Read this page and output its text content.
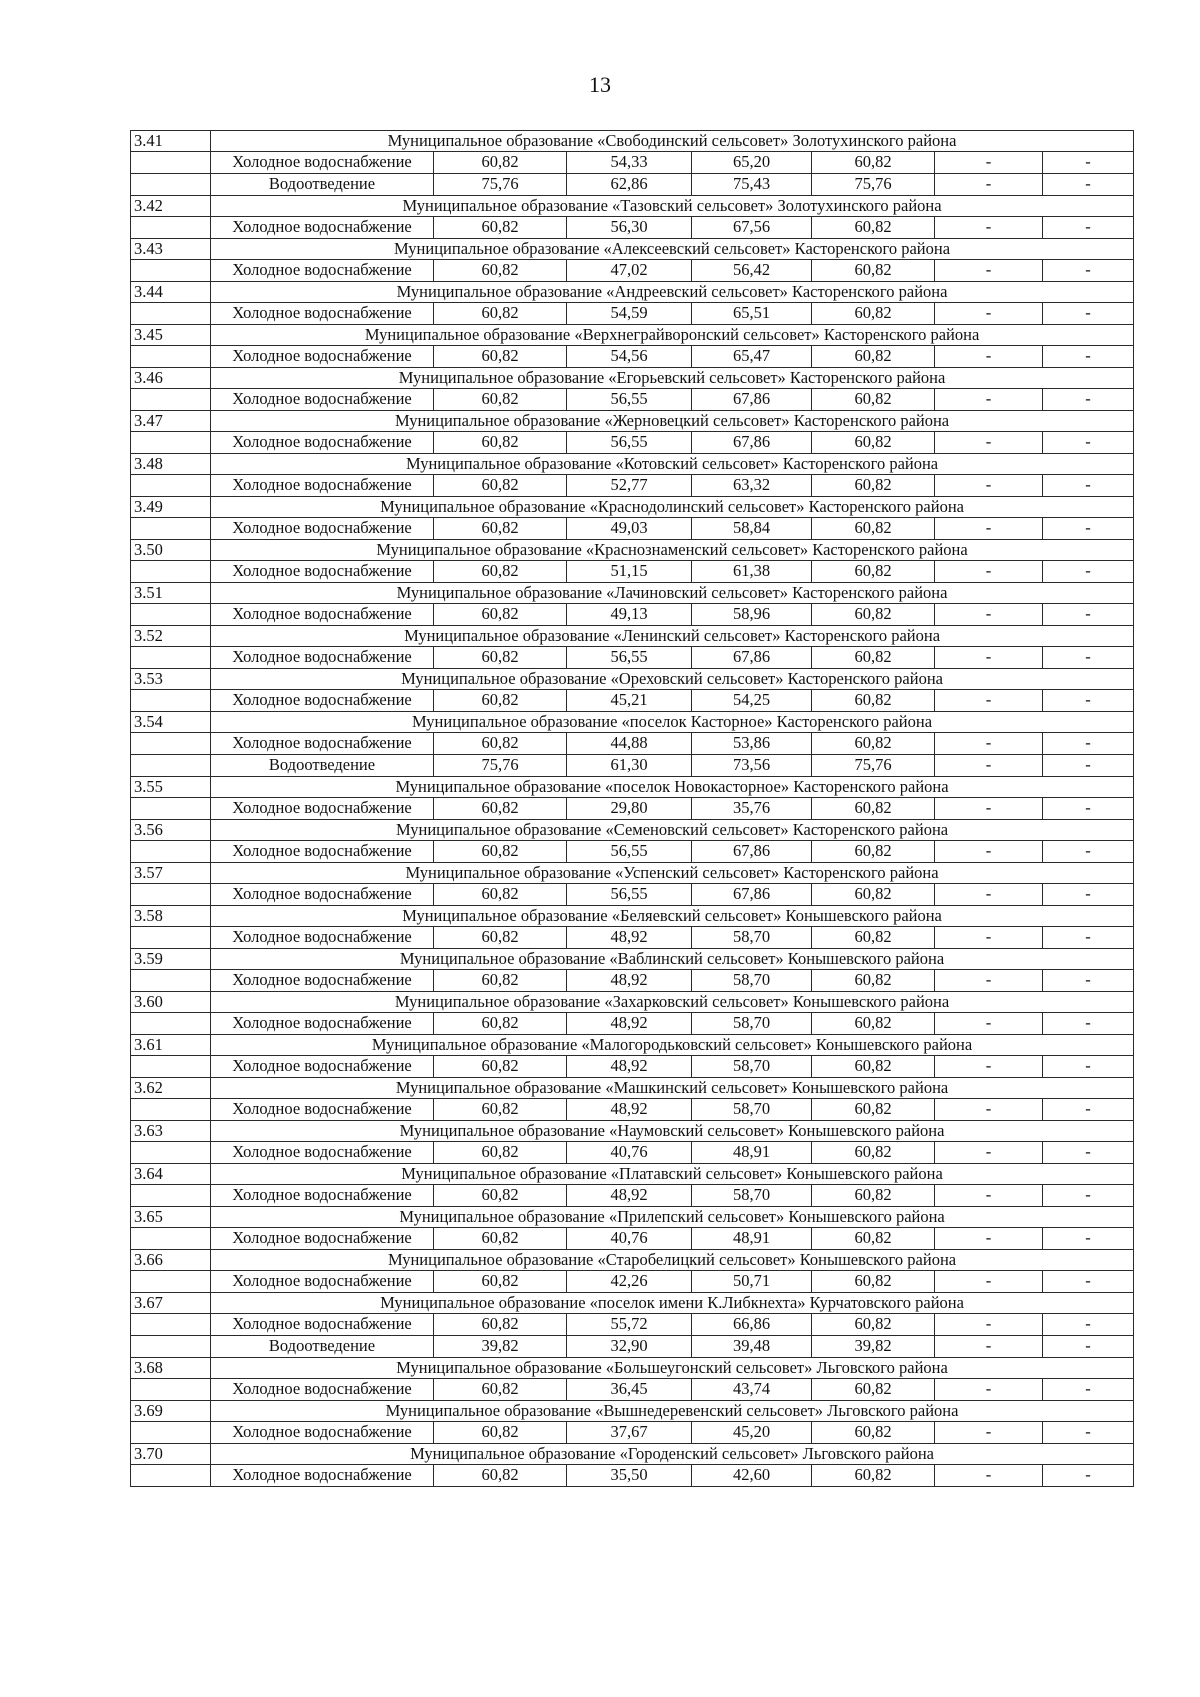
13
3.41	Муниципальное образование «Свободинский сельсовет» Золотухинского района						
	Холодное водоснабжение	60,82	54,33	65,20	60,82	-	-
	Водоотведение	75,76	62,86	75,43	75,76	-	-
3.42	Муниципальное образование «Тазовский сельсовет» Золотухинского района						
	Холодное водоснабжение	60,82	56,30	67,56	60,82	-	-
3.43	Муниципальное образование «Алексеевский сельсовет» Касторенского района						
	Холодное водоснабжение	60,82	47,02	56,42	60,82	-	-
3.44	Муниципальное образование «Андреевский сельсовет» Касторенского района						
	Холодное водоснабжение	60,82	54,59	65,51	60,82	-	-
3.45	Муниципальное образование «Верхнеграйворонский сельсовет» Касторенского района						
	Холодное водоснабжение	60,82	54,56	65,47	60,82	-	-
3.46	Муниципальное образование «Егорьевский сельсовет» Касторенского района						
	Холодное водоснабжение	60,82	56,55	67,86	60,82	-	-
3.47	Муниципальное образование «Жерновецкий сельсовет» Касторенского района						
	Холодное водоснабжение	60,82	56,55	67,86	60,82	-	-
3.48	Муниципальное образование «Котовский сельсовет» Касторенского района						
	Холодное водоснабжение	60,82	52,77	63,32	60,82	-	-
3.49	Муниципальное образование «Краснодолинский сельсовет» Касторенского района						
	Холодное водоснабжение	60,82	49,03	58,84	60,82	-	-
3.50	Муниципальное образование «Краснознаменский сельсовет» Касторенского района						
	Холодное водоснабжение	60,82	51,15	61,38	60,82	-	-
3.51	Муниципальное образование «Лачиновский сельсовет» Касторенского района						
	Холодное водоснабжение	60,82	49,13	58,96	60,82	-	-
3.52	Муниципальное образование «Ленинский сельсовет» Касторенского района						
	Холодное водоснабжение	60,82	56,55	67,86	60,82	-	-
3.53	Муниципальное образование «Ореховский сельсовет» Касторенского района						
	Холодное водоснабжение	60,82	45,21	54,25	60,82	-	-
3.54	Муниципальное образование «поселок Касторное» Касторенского района						
	Холодное водоснабжение	60,82	44,88	53,86	60,82	-	-
	Водоотведение	75,76	61,30	73,56	75,76	-	-
3.55	Муниципальное образование «поселок Новокасторное» Касторенского района						
	Холодное водоснабжение	60,82	29,80	35,76	60,82	-	-
3.56	Муниципальное образование «Семеновский сельсовет» Касторенского района						
	Холодное водоснабжение	60,82	56,55	67,86	60,82	-	-
3.57	Муниципальное образование «Успенский сельсовет» Касторенского района						
	Холодное водоснабжение	60,82	56,55	67,86	60,82	-	-
3.58	Муниципальное образование «Беляевский сельсовет» Конышевского района						
	Холодное водоснабжение	60,82	48,92	58,70	60,82	-	-
3.59	Муниципальное образование «Ваблинский сельсовет» Конышевского района						
	Холодное водоснабжение	60,82	48,92	58,70	60,82	-	-
3.60	Муниципальное образование «Захарковский сельсовет» Конышевского района						
	Холодное водоснабжение	60,82	48,92	58,70	60,82	-	-
3.61	Муниципальное образование «Малогородьковский сельсовет» Конышевского района						
	Холодное водоснабжение	60,82	48,92	58,70	60,82	-	-
3.62	Муниципальное образование «Машкинский сельсовет» Конышевского района						
	Холодное водоснабжение	60,82	48,92	58,70	60,82	-	-
3.63	Муниципальное образование «Наумовский сельсовет» Конышевского района						
	Холодное водоснабжение	60,82	40,76	48,91	60,82	-	-
3.64	Муниципальное образование «Платавский сельсовет» Конышевского района						
	Холодное водоснабжение	60,82	48,92	58,70	60,82	-	-
3.65	Муниципальное образование «Прилепский сельсовет» Конышевского района						
	Холодное водоснабжение	60,82	40,76	48,91	60,82	-	-
3.66	Муниципальное образование «Старобелицкий сельсовет» Конышевского района						
	Холодное водоснабжение	60,82	42,26	50,71	60,82	-	-
3.67	Муниципальное образование «поселок имени К.Либкнехта» Курчатовского района						
	Холодное водоснабжение	60,82	55,72	66,86	60,82	-	-
	Водоотведение	39,82	32,90	39,48	39,82	-	-
3.68	Муниципальное образование «Большеугонский сельсовет» Льговского района						
	Холодное водоснабжение	60,82	36,45	43,74	60,82	-	-
3.69	Муниципальное образование «Вышнедеревенский сельсовет» Льговского района						
	Холодное водоснабжение	60,82	37,67	45,20	60,82	-	-
3.70	Муниципальное образование «Городенский сельсовет» Льговского района						
	Холодное водоснабжение	60,82	35,50	42,60	60,82	-	-
